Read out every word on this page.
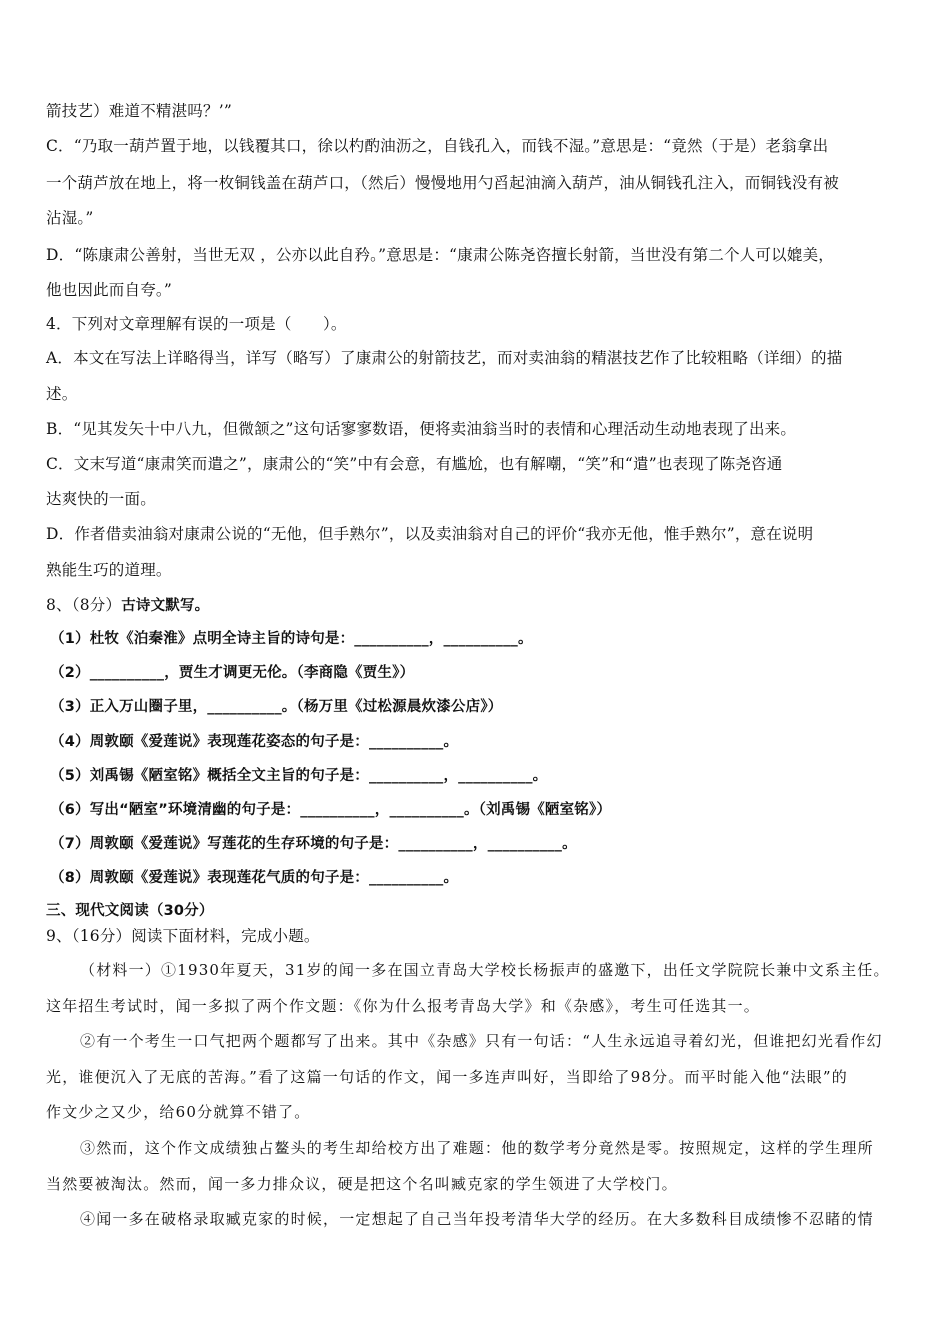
箭技艺）难道不精湛吗？’”
C．“乃取一葫芦置于地，以钱覆其口，徐以杓酌油沥之，自钱孔入，而钱不湿。”意思是：“竟然（于是）老翁拿出
一个葫芦放在地上，将一枚铜钱盖在葫芦口，（然后）慢慢地用勺舀起油滴入葫芦，油从铜钱孔注入，而铜钱没有被
沾湿。”
D．“陈康肃公善射，当世无双 ，公亦以此自矜。”意思是：“康肃公陈尧咨擅长射箭，当世没有第二个人可以媲美，
他也因此而自夸。”
4．下列对文章理解有误的一项是（　　）。
A．本文在写法上详略得当，详写（略写）了康肃公的射箭技艺，而对卖油翁的精湛技艺作了比较粗略（详细）的描
述。
B．“见其发矢十中八九，但微颔之”这句话寥寥数语，便将卖油翁当时的表情和心理活动生动地表现了出来。
C．文末写道“康肃笑而遣之”，康肃公的“笑”中有会意，有尴尬，也有解嘲，“笑”和“遣”也表现了陈尧咨通
达爽快的一面。
D．作者借卖油翁对康肃公说的“无他，但手熟尔”，以及卖油翁对自己的评价“我亦无他，惟手熟尔”，意在说明
熟能生巧的道理。
8、（8分）古诗文默写。
（1）杜牧《泊秦淮》点明全诗主旨的诗句是：__________，__________。
（2）__________，贾生才调更无伦。（李商隐《贾生》）
（3）正入万山圈子里，__________。（杨万里《过松源晨炊漆公店》）
（4）周敦颐《爱莲说》表现莲花姿态的句子是：__________。
（5）刘禹锡《陋室铭》概括全文主旨的句子是：__________，__________。
（6）写出“陋室”环境清幽的句子是：__________，__________。（刘禹锡《陋室铭》）
（7）周敦颐《爱莲说》写莲花的生存环境的句子是：__________，__________。
（8）周敦颐《爱莲说》表现莲花气质的句子是：__________。
三、现代文阅读（30分）
9、（16分）阅读下面材料，完成小题。
（材料一）①1930年夏天，31岁的闻一多在国立青岛大学校长杨振声的盛邀下，出任文学院院长兼中文系主任。
这年招生考试时，闻一多拟了两个作文题：《你为什么报考青岛大学》和《杂感》，考生可任选其一。
②有一个考生一口气把两个题都写了出来。其中《杂感》只有一句话：“人生永远追寻着幻光，但谁把幻光看作幻
光，谁便沉入了无底的苦海。”看了这篇一句话的作文，闻一多连声叫好，当即给了98分。而平时能入他“法眼”的
作文少之又少，给60分就算不错了。
③然而，这个作文成绩独占鳌头的考生却给校方出了难题：他的数学考分竟然是零。按照规定，这样的学生理所
当然要被淘汰。然而，闻一多力排众议，硬是把这个名叫臧克家的学生领进了大学校门。
④闻一多在破格录取臧克家的时候，一定想起了自己当年投考清华大学的经历。在大多数科目成绩惨不忍睹的情
